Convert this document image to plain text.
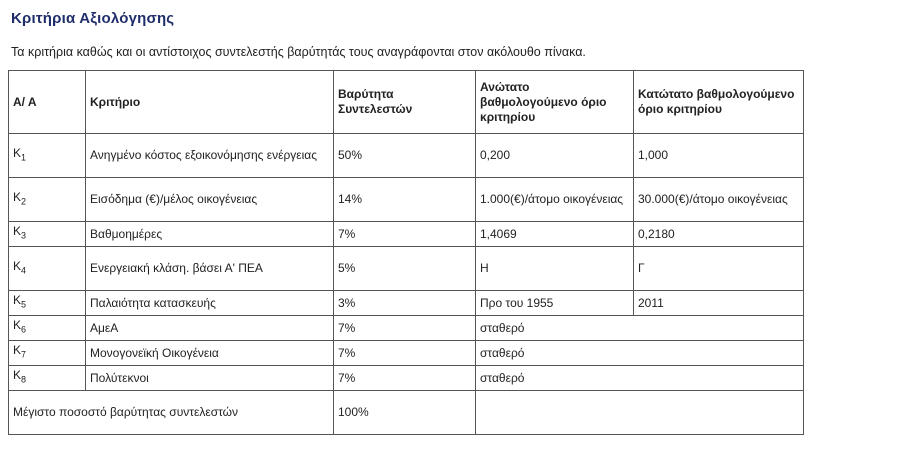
Κριτήρια Αξιολόγησης
Τα κριτήρια καθώς και οι αντίστοιχος συντελεστής βαρύτητάς τους αναγράφονται στον ακόλουθο πίνακα.
Α/ Α	Κριτήριο	Βαρύτητα Συντελεστών	Ανώτατο βαθμολογούμενο όριο κριτηρίου	Κατώτατο βαθμολογούμενο όριο κριτηρίου
$K_1$	Ανηγμένο κόστος εξοικονόμησης ενέργειας	50%	0,200	1,000
$K_2$	Εισόδημα (€)/μέλος οικογένειας	14%	1.000(€)/άτομο οικογένειας	30.000(€)/άτομο οικογένειας
$K_3$	Βαθμοημέρες	7%	1,4069	0,2180
$K_4$	Ενεργειακή κλάση. βάσει Α' ΠΕΑ	5%	Η	Γ
$K_5$	Παλαιότητα κατασκευής	3%	Προ του 1955	2011
$K_6$	ΑμεΑ	7%	σταθερό	
$K_7$	Μονογονεϊκή Οικογένεια	7%	σταθερό	
$K_8$	Πολύτεκνοι	7%	σταθερό	
Μέγιστο ποσοστό βαρύτητας συντελεστών		100%		
